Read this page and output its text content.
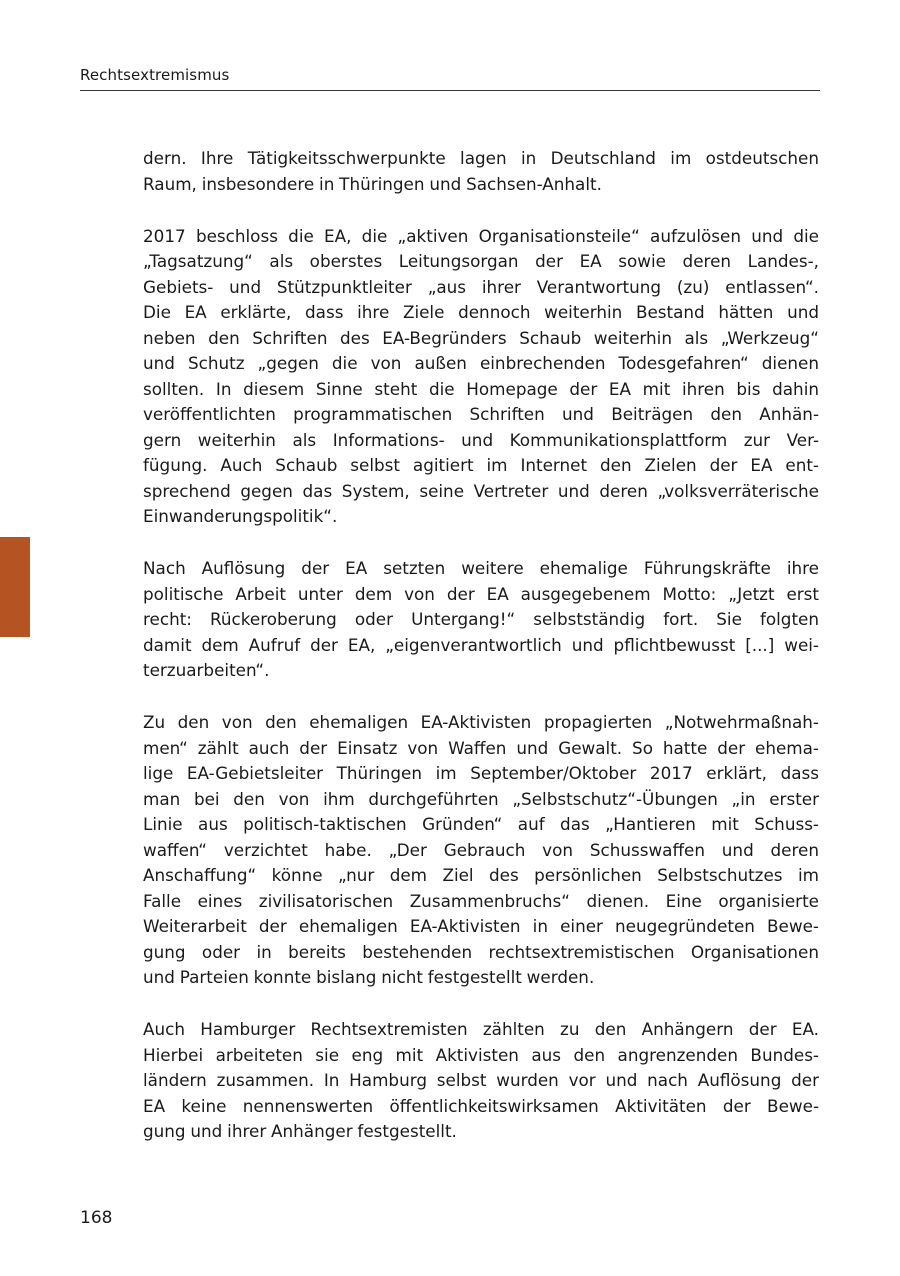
Rechtsextremismus
dern. Ihre Tätigkeitsschwerpunkte lagen in Deutschland im ostdeutschen
Raum, insbesondere in Thüringen und Sachsen-Anhalt.
2017 beschloss die EA, die „aktiven Organisationsteile“ aufzulösen und die
„Tagsatzung“ als oberstes Leitungsorgan der EA sowie deren Landes-,
Gebiets- und Stützpunktleiter „aus ihrer Verantwortung (zu) entlassen“.
Die EA erklärte, dass ihre Ziele dennoch weiterhin Bestand hätten und
neben den Schriften des EA-Begründers Schaub weiterhin als „Werkzeug“
und Schutz „gegen die von außen einbrechenden Todesgefahren“ dienen
sollten. In diesem Sinne steht die Homepage der EA mit ihren bis dahin
veröffentlichten programmatischen Schriften und Beiträgen den Anhän-
gern weiterhin als Informations- und Kommunikationsplattform zur Ver-
fügung. Auch Schaub selbst agitiert im Internet den Zielen der EA ent-
sprechend gegen das System, seine Vertreter und deren „volksverräterische
Einwanderungspolitik“.
Nach Auflösung der EA setzten weitere ehemalige Führungskräfte ihre
politische Arbeit unter dem von der EA ausgegebenem Motto: „Jetzt erst
recht: Rückeroberung oder Untergang!“ selbstständig fort. Sie folgten
damit dem Aufruf der EA, „eigenverantwortlich und pflichtbewusst [...] wei-
terzuarbeiten“.
Zu den von den ehemaligen EA-Aktivisten propagierten „Notwehrmaßnah-
men“ zählt auch der Einsatz von Waffen und Gewalt. So hatte der ehema-
lige EA-Gebietsleiter Thüringen im September/Oktober 2017 erklärt, dass
man bei den von ihm durchgeführten „Selbstschutz“-Übungen „in erster
Linie aus politisch-taktischen Gründen“ auf das „Hantieren mit Schuss-
waffen“ verzichtet habe. „Der Gebrauch von Schusswaffen und deren
Anschaffung“ könne „nur dem Ziel des persönlichen Selbstschutzes im
Falle eines zivilisatorischen Zusammenbruchs“ dienen. Eine organisierte
Weiterarbeit der ehemaligen EA-Aktivisten in einer neugegründeten Bewe-
gung oder in bereits bestehenden rechtsextremistischen Organisationen
und Parteien konnte bislang nicht festgestellt werden.
Auch Hamburger Rechtsextremisten zählten zu den Anhängern der EA.
Hierbei arbeiteten sie eng mit Aktivisten aus den angrenzenden Bundes-
ländern zusammen. In Hamburg selbst wurden vor und nach Auflösung der
EA keine nennenswerten öffentlichkeitswirksamen Aktivitäten der Bewe-
gung und ihrer Anhänger festgestellt.
168
